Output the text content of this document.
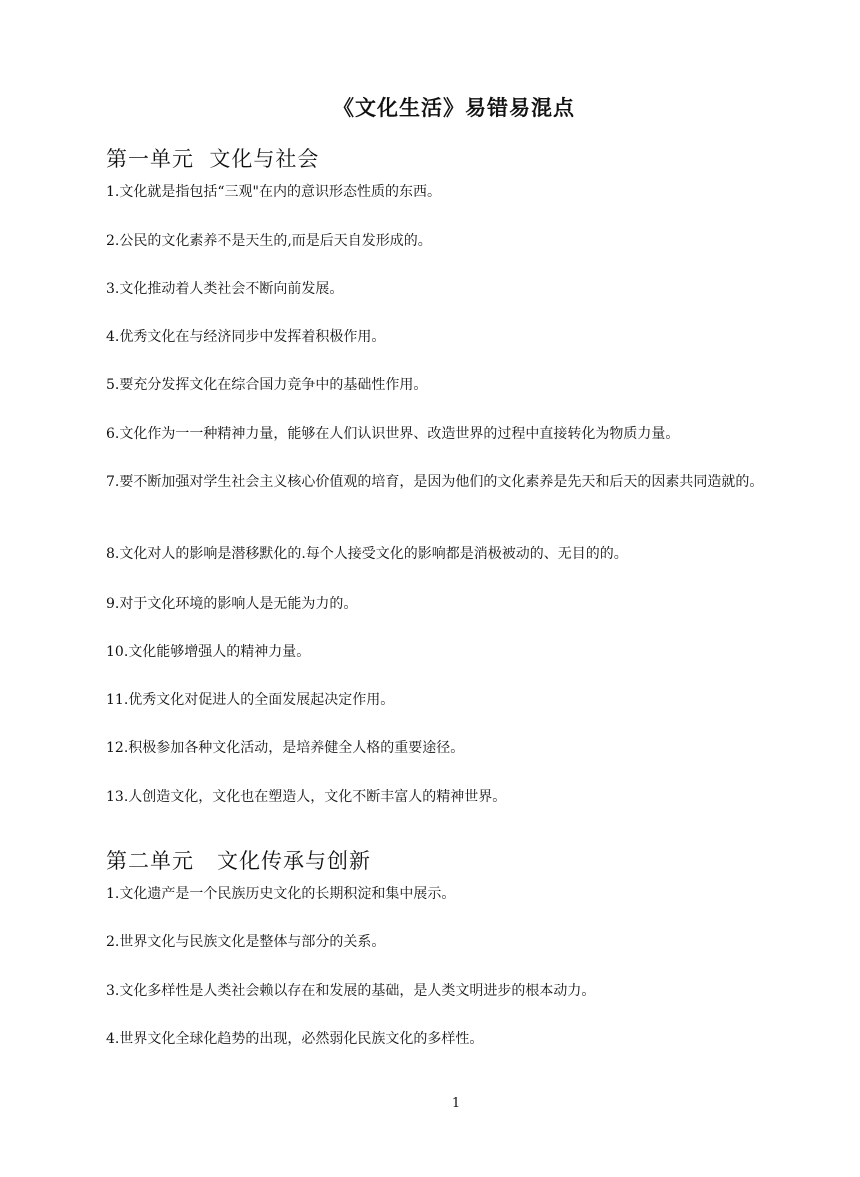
《文化生活》易错易混点
第一单元  文化与社会
1.文化就是指包括“三观"在内的意识形态性质的东西。
2.公民的文化素养不是天生的,而是后天自发形成的。
3.文化推动着人类社会不断向前发展。
4.优秀文化在与经济同步中发挥着积极作用。
5.要充分发挥文化在综合国力竞争中的基础性作用。
6.文化作为一一种精神力量，能够在人们认识世界、改造世界的过程中直接转化为物质力量。
7.要不断加强对学生社会主义核心价值观的培育，是因为他们的文化素养是先天和后天的因素共同造就的。
8.文化对人的影响是潜移默化的.每个人接受文化的影响都是消极被动的、无目的的。
9.对于文化环境的影响人是无能为力的。
10.文化能够增强人的精神力量。
11.优秀文化对促进人的全面发展起决定作用。
12.积极参加各种文化活动，是培养健全人格的重要途径。
13.人创造文化，文化也在塑造人，文化不断丰富人的精神世界。
第二单元   文化传承与创新
1.文化遗产是一个民族历史文化的长期积淀和集中展示。
2.世界文化与民族文化是整体与部分的关系。
3.文化多样性是人类社会赖以存在和发展的基础，是人类文明进步的根本动力。
4.世界文化全球化趋势的出现，必然弱化民族文化的多样性。
1
